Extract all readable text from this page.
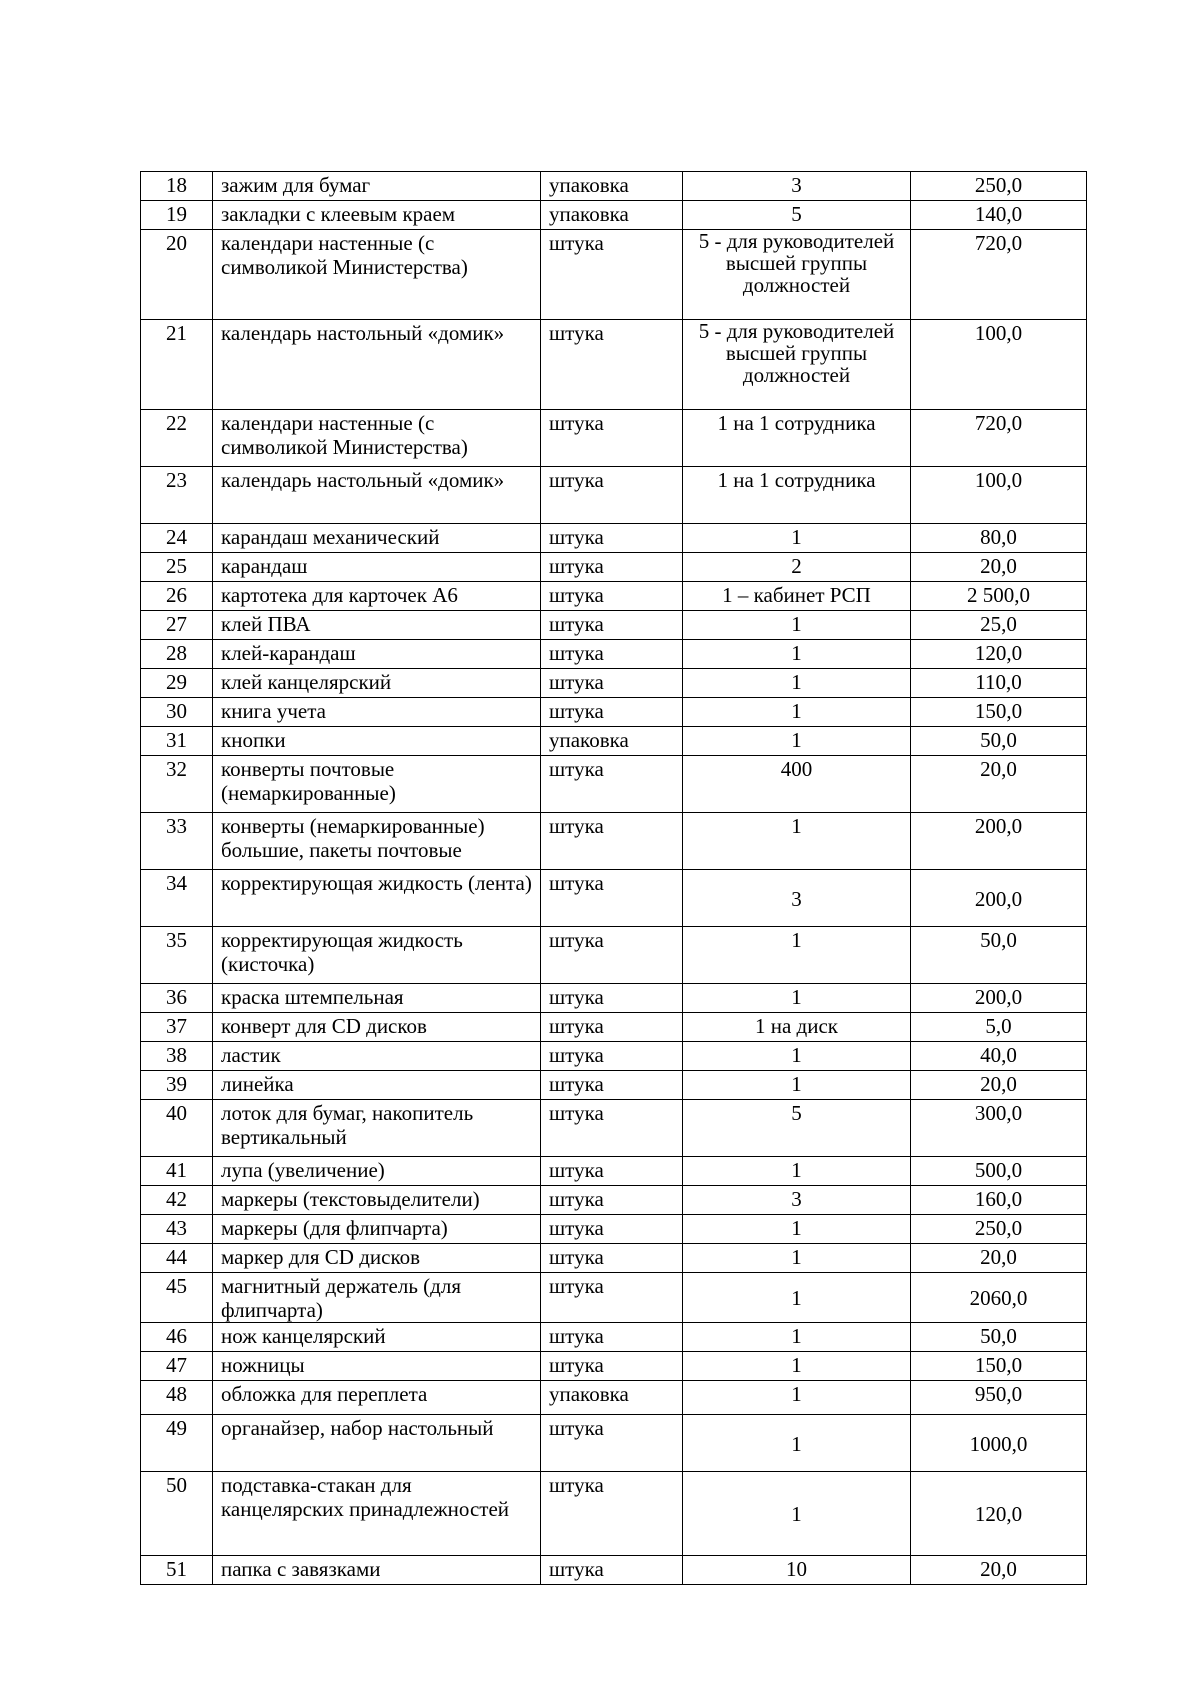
18	зажим для бумаг	упаковка	3	250,0
19	закладки с клеевым краем	упаковка	5	140,0
20	календари настенные (с символикой Министерства)	штука	5 - для руководителей высшей группы должностей	720,0
21	календарь настольный «домик»	штука	5 - для руководителей высшей группы должностей	100,0
22	календари настенные (с символикой Министерства)	штука	1 на 1 сотрудника	720,0
23	календарь настольный «домик»	штука	1 на 1 сотрудника	100,0
24	карандаш механический	штука	1	80,0
25	карандаш	штука	2	20,0
26	картотека для карточек А6	штука	1 – кабинет РСП	2 500,0
27	клей ПВА	штука	1	25,0
28	клей-карандаш	штука	1	120,0
29	клей канцелярский	штука	1	110,0
30	книга учета	штука	1	150,0
31	кнопки	упаковка	1	50,0
32	конверты почтовые (немаркированные)	штука	400	20,0
33	конверты (немаркированные) большие, пакеты почтовые	штука	1	200,0
34	корректирующая жидкость (лента)	штука	3	200,0
35	корректирующая жидкость (кисточка)	штука	1	50,0
36	краска штемпельная	штука	1	200,0
37	конверт для CD дисков	штука	1 на диск	5,0
38	ластик	штука	1	40,0
39	линейка	штука	1	20,0
40	лоток для бумаг, накопитель вертикальный	штука	5	300,0
41	лупа (увеличение)	штука	1	500,0
42	маркеры (текстовыделители)	штука	3	160,0
43	маркеры (для флипчарта)	штука	1	250,0
44	маркер для CD дисков	штука	1	20,0
45	магнитный держатель (для флипчарта)	штука	1	2060,0
46	нож канцелярский	штука	1	50,0
47	ножницы	штука	1	150,0
48	обложка для переплета	упаковка	1	950,0
49	органайзер, набор настольный	штука	1	1000,0
50	подставка-стакан для канцелярских принадлежностей	штука	1	120,0
51	папка с завязками	штука	10	20,0
